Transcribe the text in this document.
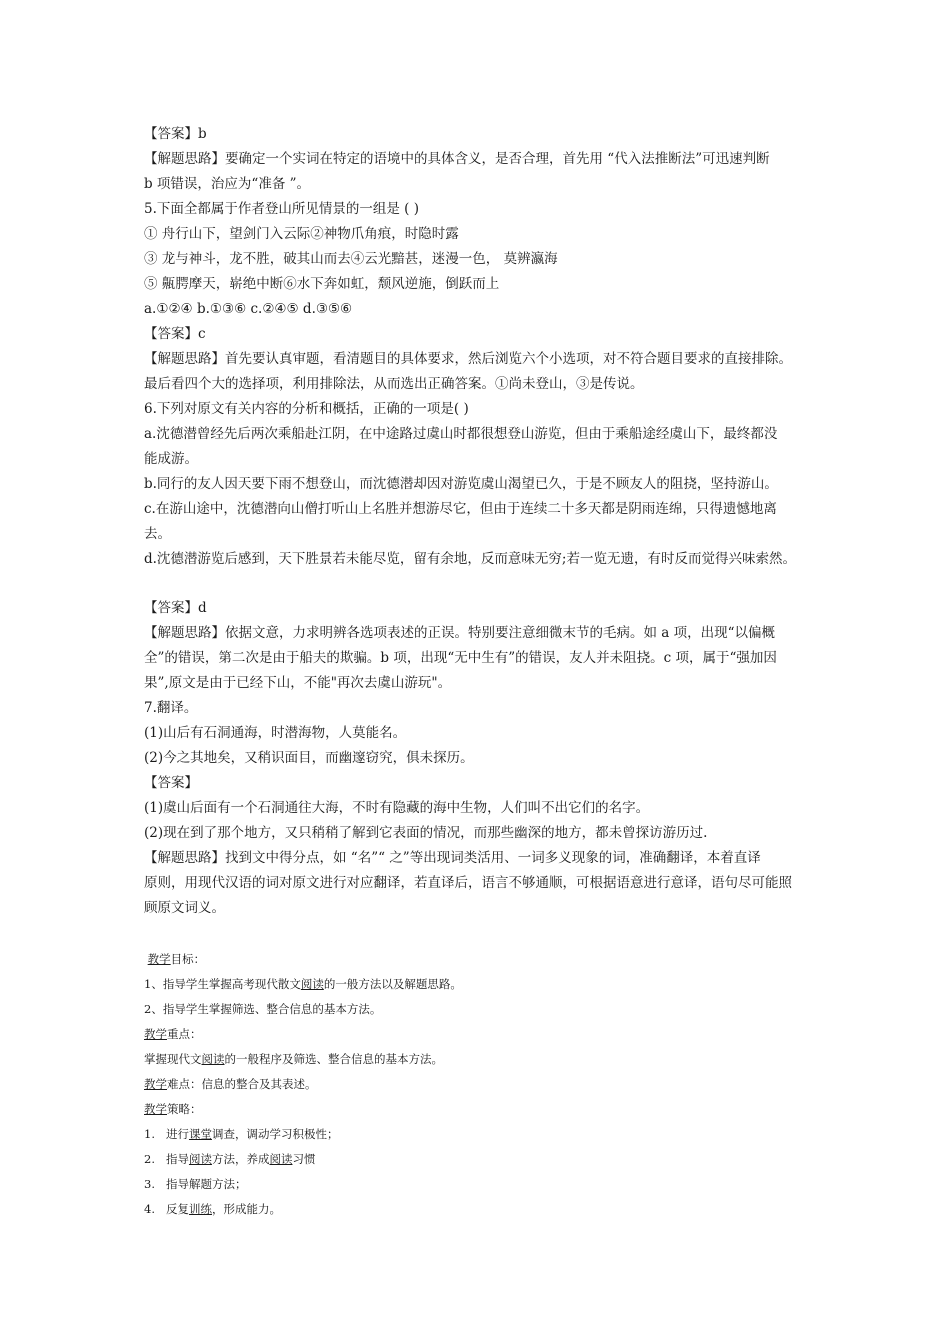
【答案】b

【解题思路】要确定一个实词在特定的语境中的具体含义，是否合理，首先用 “代入法推断法”可迅速判断

b 项错误，治应为“准备 ”。

5.下面全都属于作者登山所见情景的一组是 ( )

① 舟行山下，望剑门入云际②神物爪角痕，时隐时露

③ 龙与神斗，龙不胜，破其山而去④云光黯甚，迷漫一色， 莫辨瀛海

⑤ 齀腭摩天，崭绝中断⑥水下奔如虹，颓风逆施，倒跃而上

a.①②④ b.①③⑥ c.②④⑤ d.③⑤⑥

【答案】c

【解题思路】首先要认真审题，看清题目的具体要求，然后浏览六个小选项，对不符合题目要求的直接排除。

最后看四个大的选择项，利用排除法，从而选出正确答案。①尚未登山，③是传说。

6.下列对原文有关内容的分析和概括，正确的一项是( )

a.沈德潜曾经先后两次乘船赴江阴，在中途路过虞山时都很想登山游览，但由于乘船途经虞山下，最终都没

能成游。

b.同行的友人因天要下雨不想登山，而沈德潜却因对游览虞山渴望已久，于是不顾友人的阻挠，坚持游山。

c.在游山途中，沈德潜向山僧打听山上名胜并想游尽它，但由于连续二十多天都是阴雨连绵，只得遗憾地离

去。

d.沈德潜游览后感到，天下胜景若未能尽览，留有余地，反而意味无穷;若一览无遗，有时反而觉得兴味索然。

【答案】d

【解题思路】依据文意，力求明辨各选项表述的正误。特别要注意细微末节的毛病。如 a 项，出现“以偏概

全”的错误，第二次是由于船夫的欺骗。b 项，出现“无中生有”的错误，友人并未阻挠。c 项，属于“强加因

果”,原文是由于已经下山，不能"再次去虞山游玩"。

7.翻译。

(1)山后有石洞通海，时潜海物，人莫能名。

(2)今之其地矣，又稍识面目，而幽邃窃究，俱未探历。

【答案】

(1)虞山后面有一个石洞通往大海，不时有隐藏的海中生物，人们叫不出它们的名字。

(2)现在到了那个地方，又只稍稍了解到它表面的情况，而那些幽深的地方，都未曾探访游历过.

【解题思路】找到文中得分点，如 “名”“ 之”等出现词类活用、一词多义现象的词，准确翻译，本着直译

原则，用现代汉语的词对原文进行对应翻译，若直译后，语言不够通顺，可根据语意进行意译，语句尽可能照

顾原文词义。

教学目标：

1、指导学生掌握高考现代散文阅读的一般方法以及解题思路。

2、指导学生掌握筛选、整合信息的基本方法。

教学重点：

掌握现代文阅读的一般程序及筛选、整合信息的基本方法。

教学难点：信息的整合及其表述。

教学策略：

1. 进行课堂调查，调动学习积极性；

2. 指导阅读方法，养成阅读习惯

3. 指导解题方法；

4. 反复训练，形成能力。
